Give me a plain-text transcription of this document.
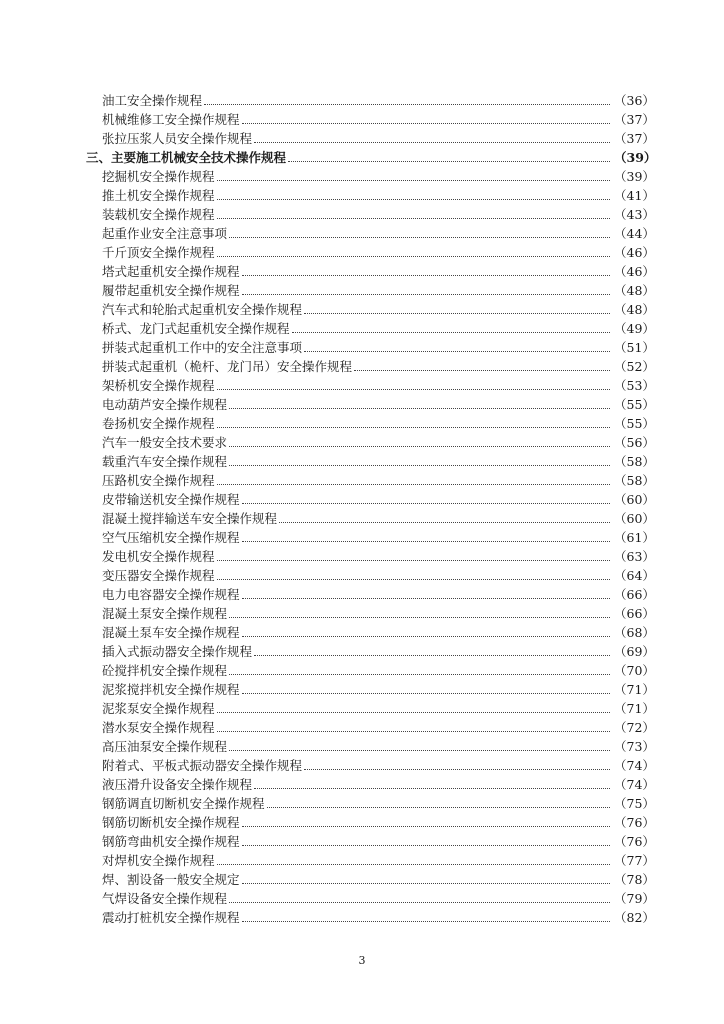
油工安全操作规程	（36）
机械维修工安全操作规程	（37）
张拉压浆人员安全操作规程	（37）
三、主要施工机械安全技术操作规程	（39）
挖掘机安全操作规程	（39）
推土机安全操作规程	（41）
装载机安全操作规程	（43）
起重作业安全注意事项	（44）
千斤顶安全操作规程	（46）
塔式起重机安全操作规程	（46）
履带起重机安全操作规程	（48）
汽车式和轮胎式起重机安全操作规程	（48）
桥式、龙门式起重机安全操作规程	（49）
拼装式起重机工作中的安全注意事项	（51）
拼装式起重机（桅杆、龙门吊）安全操作规程	（52）
架桥机安全操作规程	（53）
电动葫芦安全操作规程	（55）
卷扬机安全操作规程	（55）
汽车一般安全技术要求	（56）
载重汽车安全操作规程	（58）
压路机安全操作规程	（58）
皮带输送机安全操作规程	（60）
混凝土搅拌输送车安全操作规程	（60）
空气压缩机安全操作规程	（61）
发电机安全操作规程	（63）
变压器安全操作规程	（64）
电力电容器安全操作规程	（66）
混凝土泵安全操作规程	（66）
混凝土泵车安全操作规程	（68）
插入式振动器安全操作规程	（69）
砼搅拌机安全操作规程	（70）
泥浆搅拌机安全操作规程	（71）
泥浆泵安全操作规程	（71）
潜水泵安全操作规程	（72）
高压油泵安全操作规程	（73）
附着式、平板式振动器安全操作规程	（74）
液压滑升设备安全操作规程	（74）
钢筋调直切断机安全操作规程	（75）
钢筋切断机安全操作规程	（76）
钢筋弯曲机安全操作规程	（76）
对焊机安全操作规程	（77）
焊、割设备一般安全规定	（78）
气焊设备安全操作规程	（79）
震动打桩机安全操作规程	（82）
3
